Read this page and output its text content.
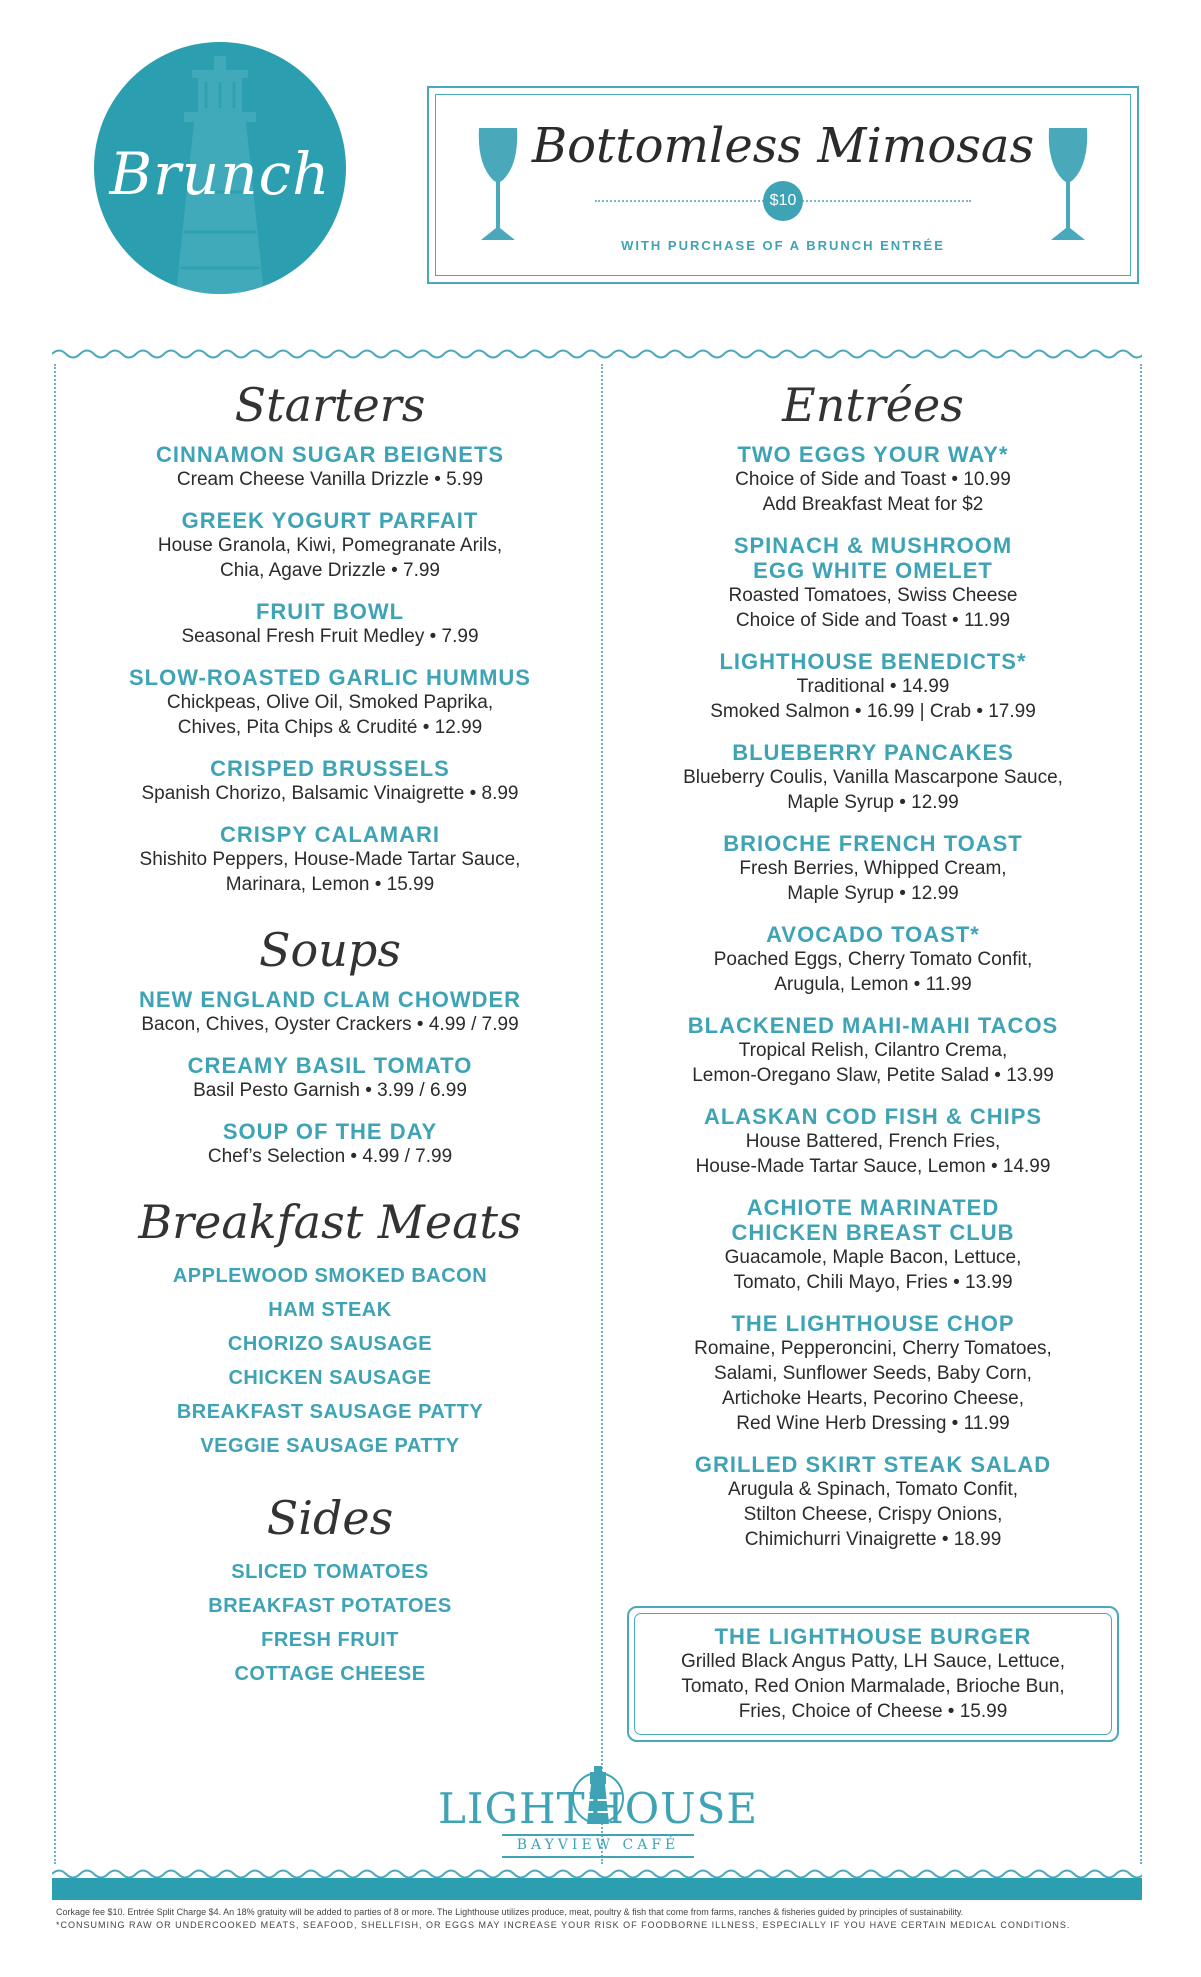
Brunch	Bottomless Mimosas
$10
WITH PURCHASE OF A BRUNCH ENTRÉE
Starters
CINNAMON SUGAR BEIGNETS
Cream Cheese Vanilla Drizzle • 5.99
GREEK YOGURT PARFAIT
House Granola, Kiwi, Pomegranate Arils,
Chia, Agave Drizzle • 7.99
FRUIT BOWL
Seasonal Fresh Fruit Medley • 7.99
SLOW-ROASTED GARLIC HUMMUS
Chickpeas, Olive Oil, Smoked Paprika,
Chives, Pita Chips & Crudité • 12.99
CRISPED BRUSSELS
Spanish Chorizo, Balsamic Vinaigrette • 8.99
CRISPY CALAMARI
Shishito Peppers, House-Made Tartar Sauce,
Marinara, Lemon • 15.99
Soups
NEW ENGLAND CLAM CHOWDER
Bacon, Chives, Oyster Crackers • 4.99 / 7.99
CREAMY BASIL TOMATO
Basil Pesto Garnish • 3.99 / 6.99
SOUP OF THE DAY
Chef’s Selection • 4.99 / 7.99
Breakfast Meats
APPLEWOOD SMOKED BACON
HAM STEAK
CHORIZO SAUSAGE
CHICKEN SAUSAGE
BREAKFAST SAUSAGE PATTY
VEGGIE SAUSAGE PATTY
Sides
SLICED TOMATOES
BREAKFAST POTATOES
FRESH FRUIT
COTTAGE CHEESE
Entrées
TWO EGGS YOUR WAY*
Choice of Side and Toast • 10.99
Add Breakfast Meat for $2
SPINACH & MUSHROOM
EGG WHITE OMELET
Roasted Tomatoes, Swiss Cheese
Choice of Side and Toast • 11.99
LIGHTHOUSE BENEDICTS*
Traditional • 14.99
Smoked Salmon • 16.99 | Crab • 17.99
BLUEBERRY PANCAKES
Blueberry Coulis, Vanilla Mascarpone Sauce,
Maple Syrup • 12.99
BRIOCHE FRENCH TOAST
Fresh Berries, Whipped Cream,
Maple Syrup • 12.99
AVOCADO TOAST*
Poached Eggs, Cherry Tomato Confit,
Arugula, Lemon • 11.99
BLACKENED MAHI-MAHI TACOS
Tropical Relish, Cilantro Crema,
Lemon-Oregano Slaw, Petite Salad • 13.99
ALASKAN COD FISH & CHIPS
House Battered, French Fries,
House-Made Tartar Sauce, Lemon • 14.99
ACHIOTE MARINATED
CHICKEN BREAST CLUB
Guacamole, Maple Bacon, Lettuce,
Tomato, Chili Mayo, Fries • 13.99
THE LIGHTHOUSE CHOP
Romaine, Pepperoncini, Cherry Tomatoes,
Salami, Sunflower Seeds, Baby Corn,
Artichoke Hearts, Pecorino Cheese,
Red Wine Herb Dressing • 11.99
GRILLED SKIRT STEAK SALAD
Arugula & Spinach, Tomato Confit,
Stilton Cheese, Crispy Onions,
Chimichurri Vinaigrette • 18.99
THE LIGHTHOUSE BURGER
Grilled Black Angus Patty, LH Sauce, Lettuce,
Tomato, Red Onion Marmalade, Brioche Bun,
Fries, Choice of Cheese • 15.99
LIGHT HOUSE
BAYVIEW CAFÉ
Corkage fee $10. Entrée Split Charge $4. An 18% gratuity will be added to parties of 8 or more. The Lighthouse utilizes produce, meat, poultry & fish that come from farms, ranches & fisheries guided by principles of sustainability.
*CONSUMING RAW OR UNDERCOOKED MEATS, SEAFOOD, SHELLFISH, OR EGGS MAY INCREASE YOUR RISK OF FOODBORNE ILLNESS, ESPECIALLY IF YOU HAVE CERTAIN MEDICAL CONDITIONS.
